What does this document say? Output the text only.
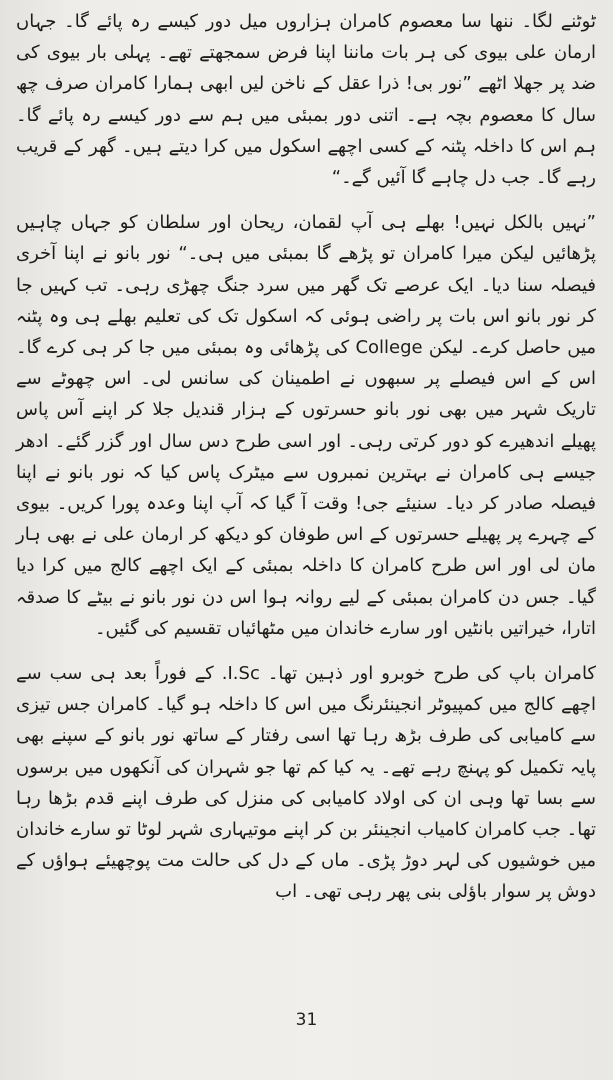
ٹوٹنے لگا۔ ننھا سا معصوم کامران ہزاروں میل دور کیسے رہ پائے گا۔ جہاں ارمان علی بیوی کی ہر بات ماننا اپنا فرض سمجھتے تھے۔ پہلی بار بیوی کی ضد پر جھلا اٹھے ”نور بی! ذرا عقل کے ناخن لیں ابھی ہمارا کامران صرف چھ سال کا معصوم بچہ ہے۔ اتنی دور بمبئی میں ہم سے دور کیسے رہ پائے گا۔ ہم اس کا داخلہ پٹنہ کے کسی اچھے اسکول میں کرا دیتے ہیں۔ گھر کے قریب رہے گا۔ جب دل چاہے گا آئیں گے۔“

”نہیں بالکل نہیں! بھلے ہی آپ لقمان، ریحان اور سلطان کو جہاں چاہیں پڑھائیں لیکن میرا کامران تو پڑھے گا بمبئی میں ہی۔“ نور بانو نے اپنا آخری فیصلہ سنا دیا۔ ایک عرصے تک گھر میں سرد جنگ چھڑی رہی۔ تب کہیں جا کر نور بانو اس بات پر راضی ہوئی کہ اسکول تک کی تعلیم بھلے ہی وہ پٹنہ میں حاصل کرے۔ لیکن College کی پڑھائی وہ بمبئی میں جا کر ہی کرے گا۔ اس کے اس فیصلے پر سبھوں نے اطمینان کی سانس لی۔ اس چھوٹے سے تاریک شہر میں بھی نور بانو حسرتوں کے ہزار قندیل جلا کر اپنے آس پاس پھیلے اندھیرے کو دور کرتی رہی۔ اور اسی طرح دس سال اور گزر گئے۔ ادھر جیسے ہی کامران نے بہترین نمبروں سے میٹرک پاس کیا کہ نور بانو نے اپنا فیصلہ صادر کر دیا۔ سنیئے جی! وقت آ گیا کہ آپ اپنا وعدہ پورا کریں۔ بیوی کے چہرے پر پھیلے حسرتوں کے اس طوفان کو دیکھ کر ارمان علی نے بھی ہار مان لی اور اس طرح کامران کا داخلہ بمبئی کے ایک اچھے کالج میں کرا دیا گیا۔ جس دن کامران بمبئی کے لیے روانہ ہوا اس دن نور بانو نے بیٹے کا صدقہ اتارا، خیراتیں بانٹیں اور سارے خاندان میں مٹھائیاں تقسیم کی گئیں۔

کامران باپ کی طرح خوبرو اور ذہین تھا۔ I.Sc. کے فوراً بعد ہی سب سے اچھے کالج میں کمپیوٹر انجینئرنگ میں اس کا داخلہ ہو گیا۔ کامران جس تیزی سے کامیابی کی طرف بڑھ رہا تھا اسی رفتار کے ساتھ نور بانو کے سپنے بھی پایہ تکمیل کو پہنچ رہے تھے۔ یہ کیا کم تھا جو شہران کی آنکھوں میں برسوں سے بسا تھا وہی ان کی اولاد کامیابی کی منزل کی طرف اپنے قدم بڑھا رہا تھا۔ جب کامران کامیاب انجینئر بن کر اپنے موتیہاری شہر لوٹا تو سارے خاندان میں خوشیوں کی لہر دوڑ پڑی۔ ماں کے دل کی حالت مت پوچھیئے ہواؤں کے دوش پر سوار باؤلی بنی پھر رہی تھی۔ اب

31
